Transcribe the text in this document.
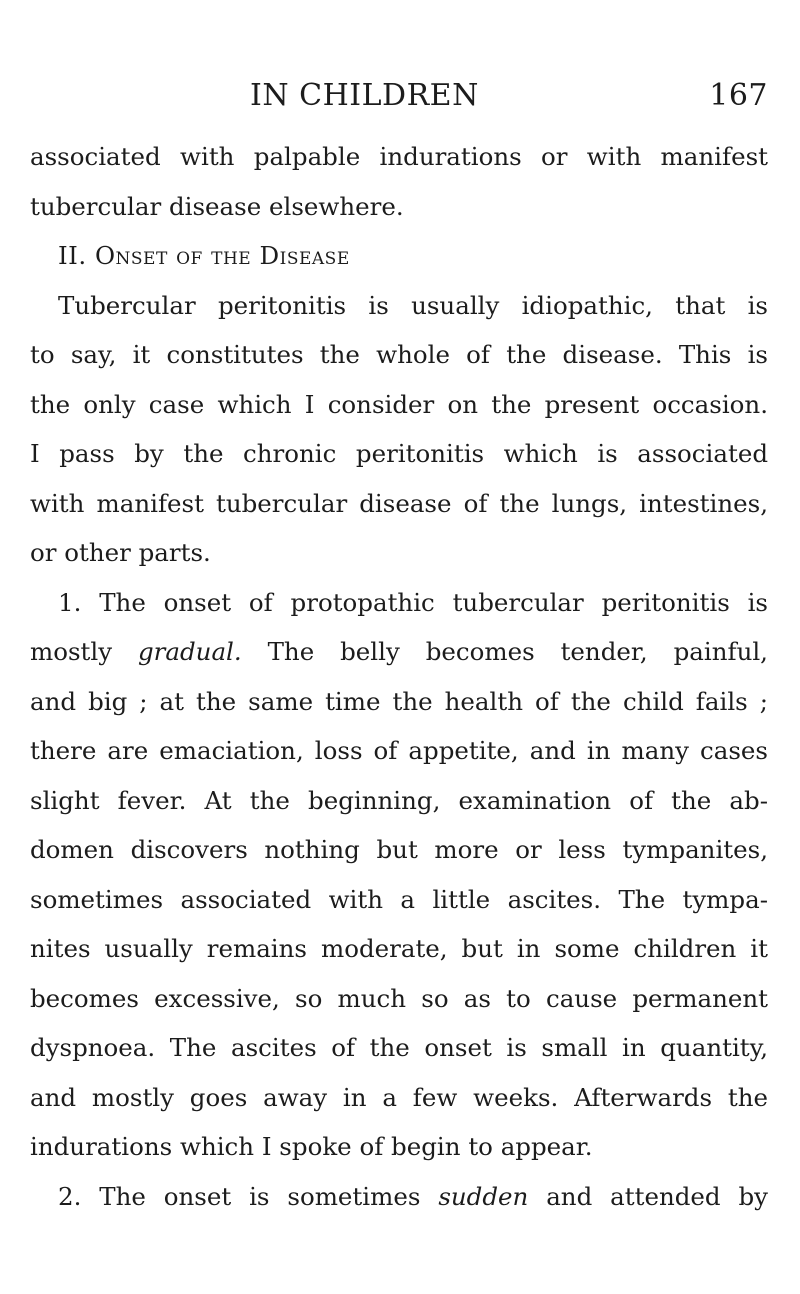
IN CHILDREN	167
associated with palpable indurations or with manifest
tubercular disease elsewhere.
II. Onset of the Disease
Tubercular peritonitis is usually idiopathic, that is
to say, it constitutes the whole of the disease. This is
the only case which I consider on the present occasion.
I pass by the chronic peritonitis which is associated
with manifest tubercular disease of the lungs, intestines,
or other parts.
1. The onset of protopathic tubercular peritonitis is
mostly gradual. The belly becomes tender, painful,
and big ; at the same time the health of the child fails ;
there are emaciation, loss of appetite, and in many cases
slight fever. At the beginning, examination of the ab-
domen discovers nothing but more or less tympanites,
sometimes associated with a little ascites. The tympa-
nites usually remains moderate, but in some children it
becomes excessive, so much so as to cause permanent
dyspnoea. The ascites of the onset is small in quantity,
and mostly goes away in a few weeks. Afterwards the
indurations which I spoke of begin to appear.
2. The onset is sometimes sudden and attended by
